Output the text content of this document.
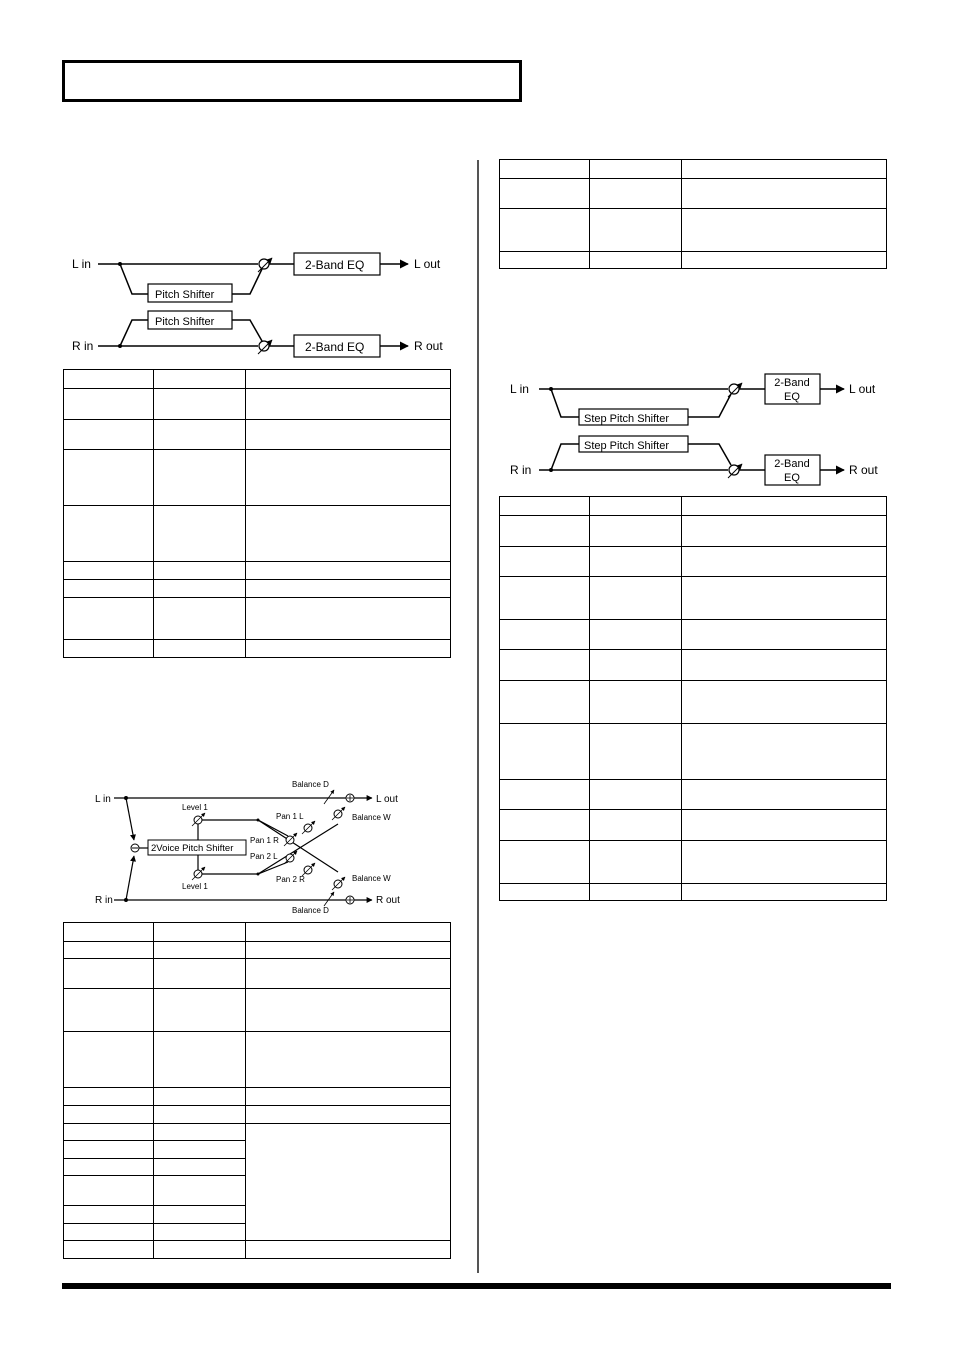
L in
Pitch Shifter
2-Band EQ	L out
R in
Pitch Shifter
2-Band EQ	R out

L in
R in
2Voice Pitch Shifter
Level 1
Level 1
Pan 1 L
Pan 1 R
Pan 2 L
Pan 2 R
Balance W
Balance W
Balance D
Balance D
L out
R out

L in
Step Pitch Shifter
2-Band
EQ
L out
R in
Step Pitch Shifter
2-Band
EQ
R out
